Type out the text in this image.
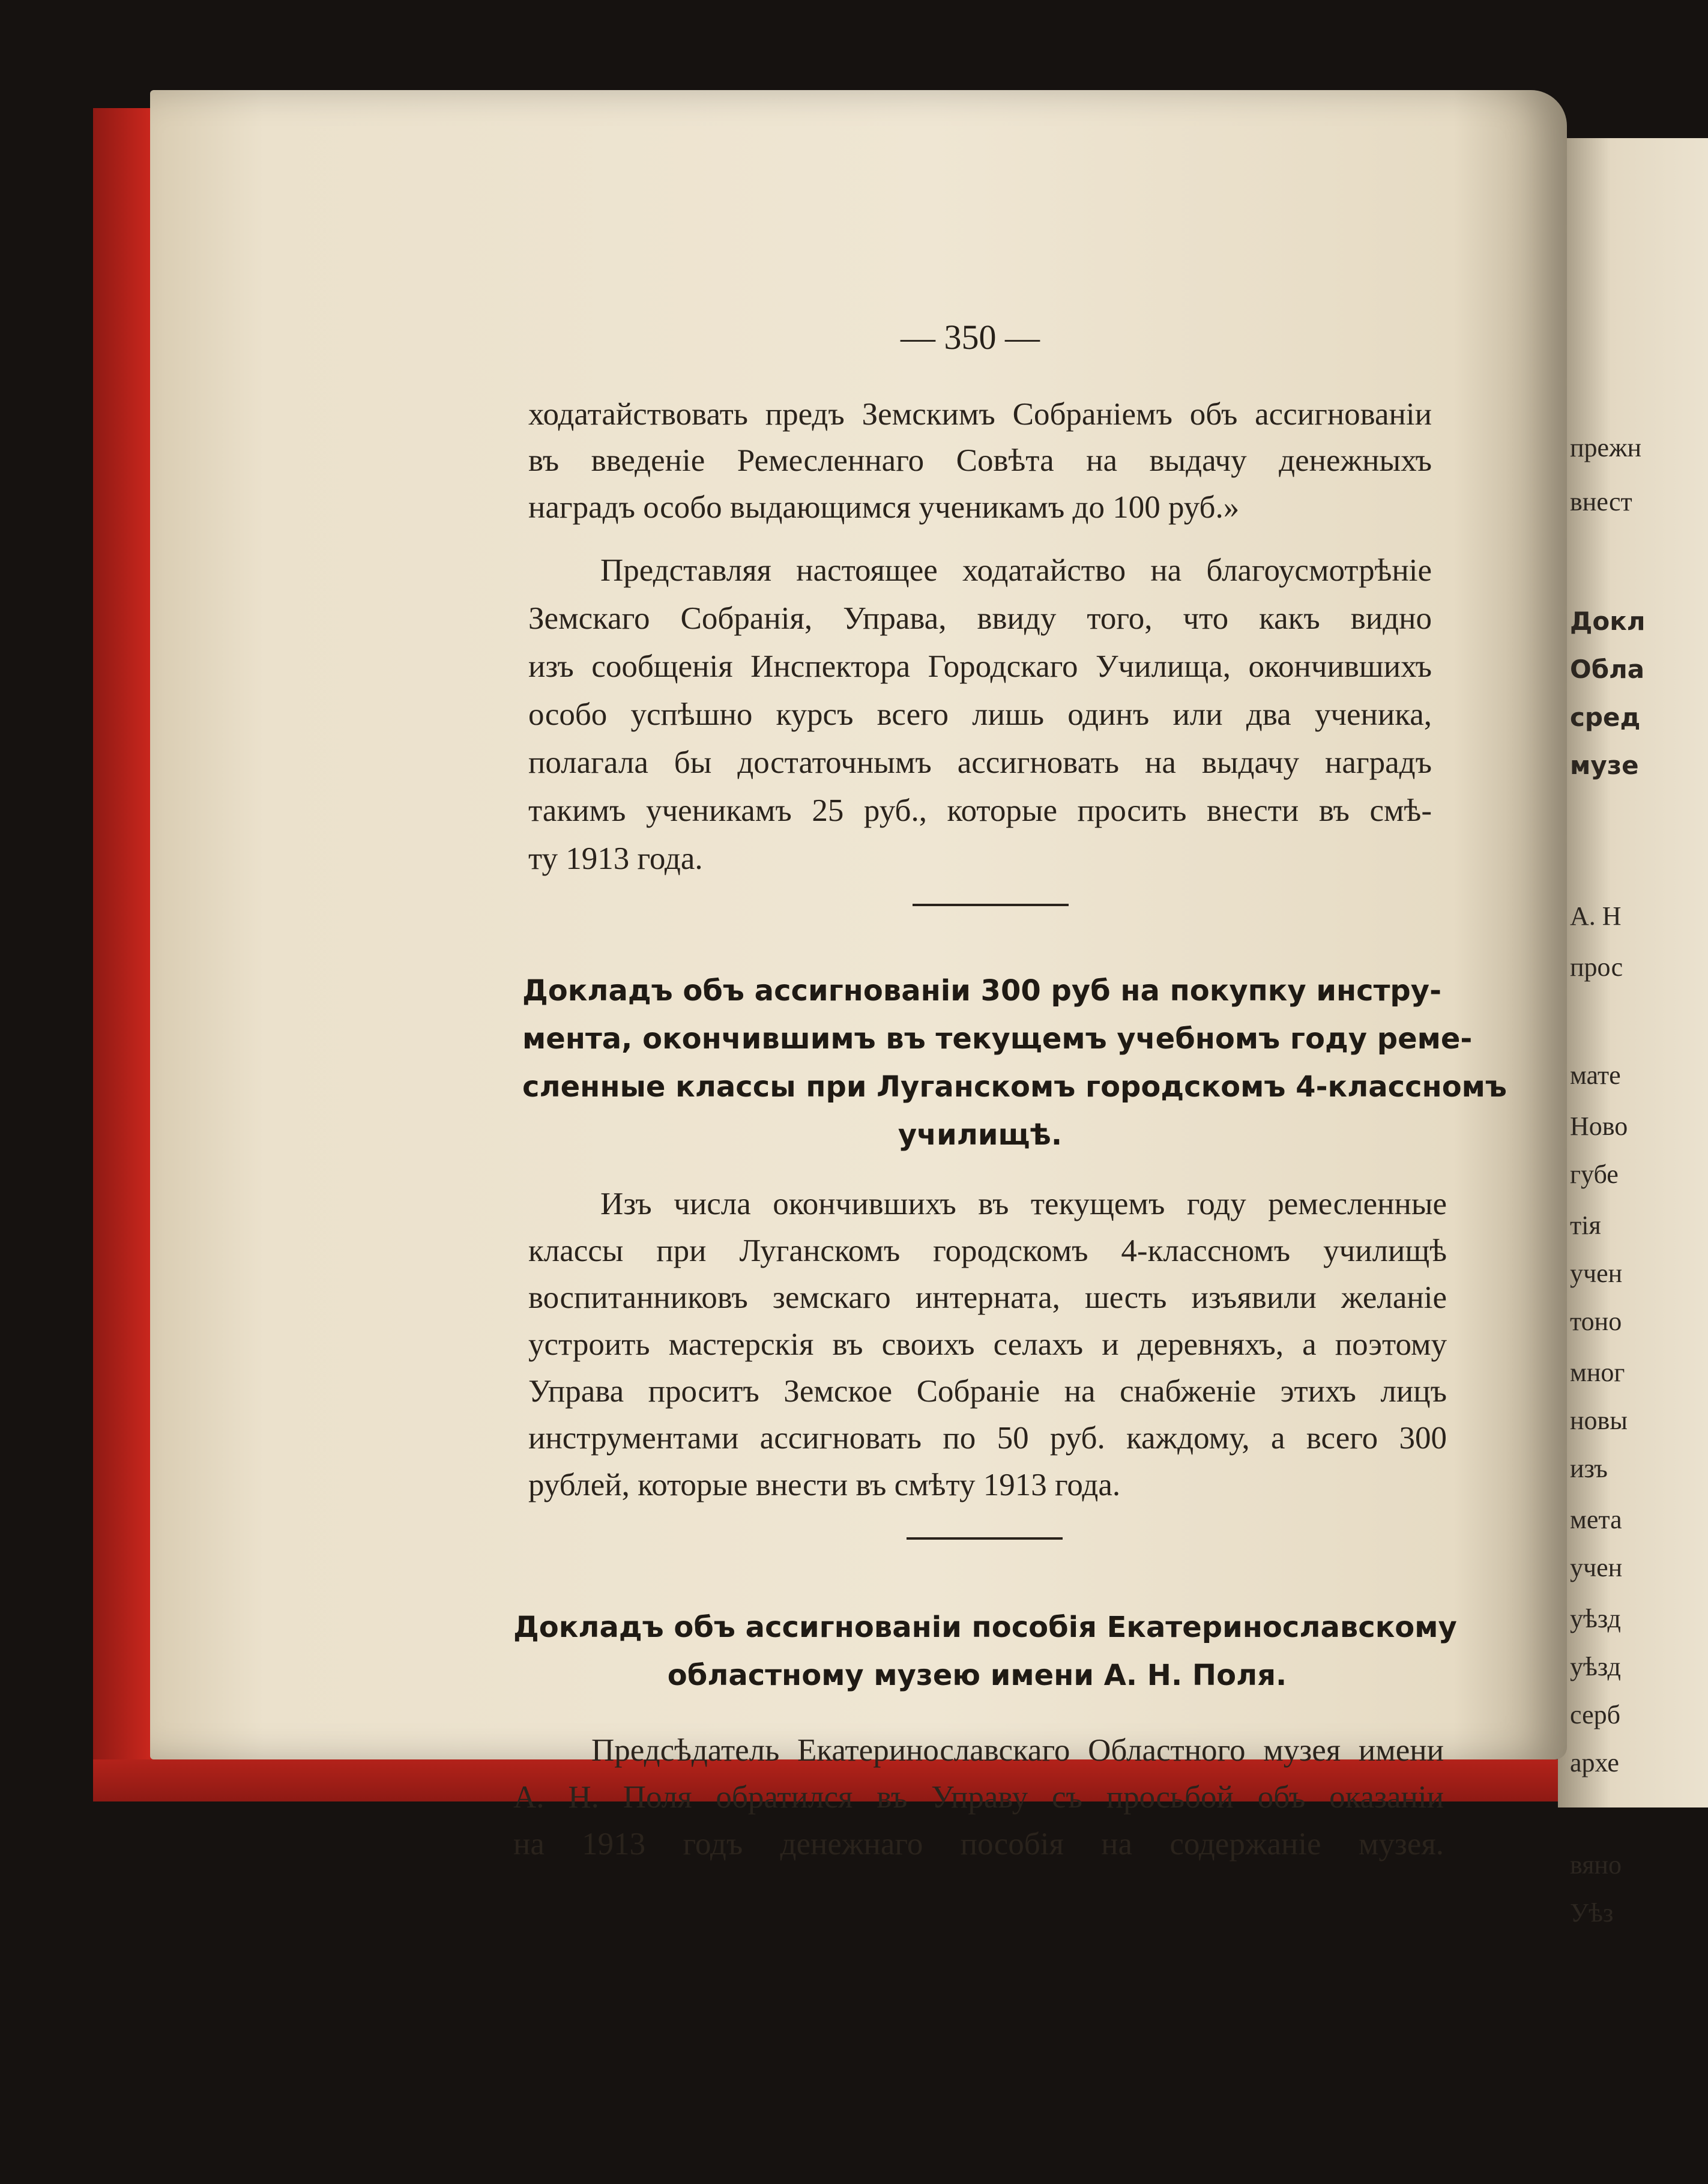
прежн
внест
Докл
Обла
сред
музе
А. Н
прос
мате
Ново
губе
тія
учен
тоно
мног
новы
изъ
мета
учен
уѣзд
уѣзд
серб
архе
вяно
Уѣз
— 350 —
ходатайствовать предъ Земскимъ Собраніемъ объ ассигнованіи
въ введеніе Ремесленнаго Совѣта на выдачу денежныхъ
наградъ особо выдающимся ученикамъ до 100 руб.»
Представляя настоящее ходатайство на благоусмотрѣніе
Земскаго Собранія, Управа, ввиду того, что какъ видно
изъ сообщенія Инспектора Городскаго Училища, окончившихъ
особо успѣшно курсъ всего лишь одинъ или два ученика,
полагала бы достаточнымъ ассигновать на выдачу наградъ
такимъ ученикамъ 25 руб., которые просить внести въ смѣ-
ту 1913 года.
Докладъ объ ассигнованіи 300 руб на покупку инстру-
мента, окончившимъ въ текущемъ учебномъ году реме-
сленные классы при Луганскомъ городскомъ 4-классномъ
училищѣ.
Изъ числа окончившихъ въ текущемъ году ремесленные
классы при Луганскомъ городскомъ 4-классномъ училищѣ
воспитанниковъ земскаго интерната, шесть изъявили желаніе
устроить мастерскія въ своихъ селахъ и деревняхъ, а поэтому
Управа проситъ Земское Собраніе на снабженіе этихъ лицъ
инструментами ассигновать по 50 руб. каждому, а всего 300
рублей, которые внести въ смѣту 1913 года.
Докладъ объ ассигнованіи пособія Екатеринославскому
областному музею имени А. Н. Поля.
Предсѣдатель Екатеринославскаго Областного музея имени
А. Н. Поля обратился въ Управу съ просьбой объ оказаніи
на 1913 годъ денежнаго пособія на содержаніе музея.
